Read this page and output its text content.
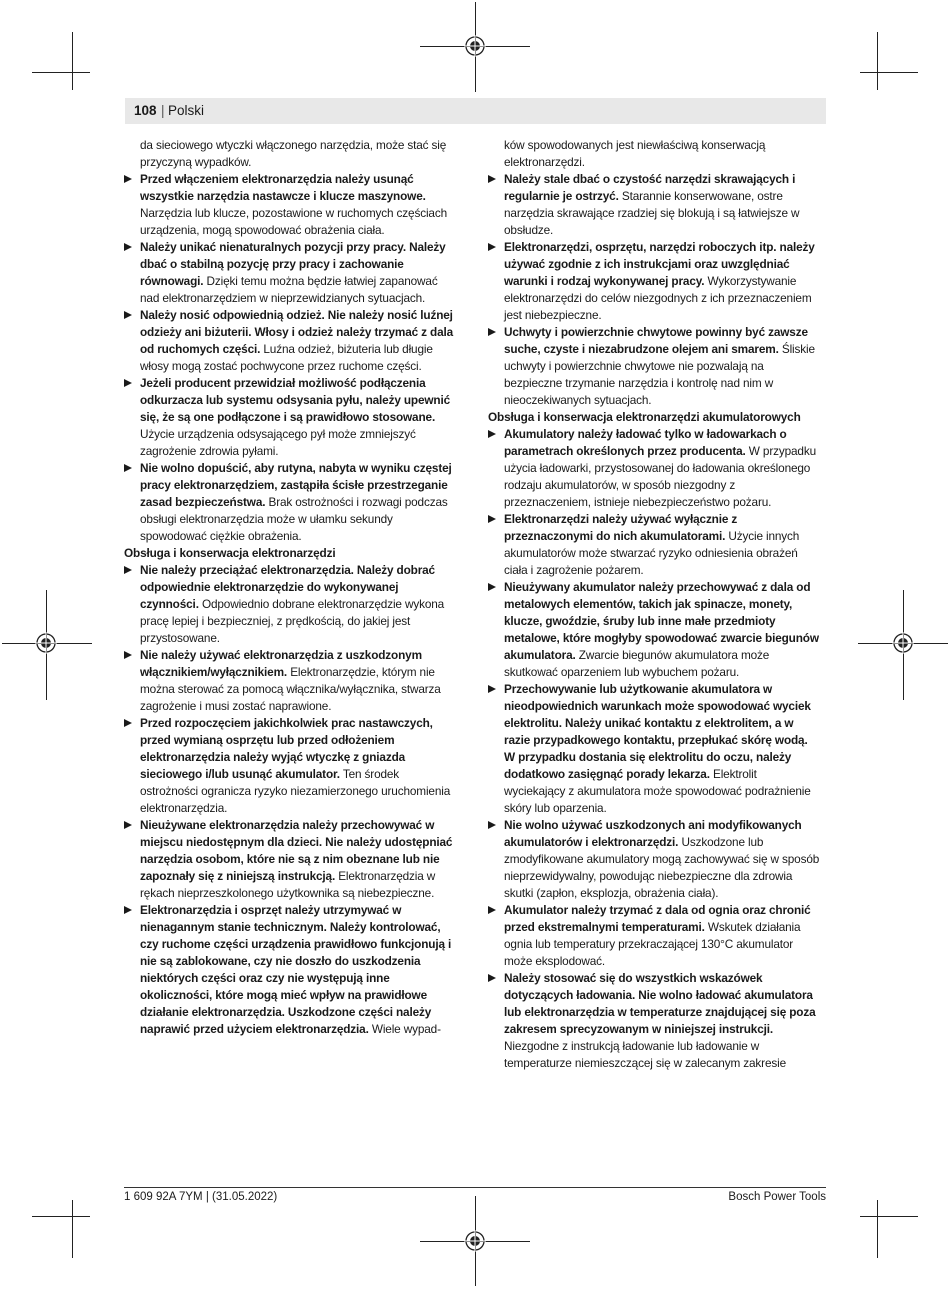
108 | Polski

da sieciowego wtyczki włączonego narzędzia, może stać się przyczyną wypadków.

Przed włączeniem elektronarzędzia należy usunąć wszystkie narzędzia nastawcze i klucze maszynowe. Narzędzia lub klucze, pozostawione w ruchomych częściach urządzenia, mogą spowodować obrażenia ciała.

Należy unikać nienaturalnych pozycji przy pracy. Należy dbać o stabilną pozycję przy pracy i zachowanie równowagi. Dzięki temu można będzie łatwiej zapanować nad elektronarzędziem w nieprzewidzianych sytuacjach.

Należy nosić odpowiednią odzież. Nie należy nosić luźnej odzieży ani biżuterii. Włosy i odzież należy trzymać z dala od ruchomych części. Luźna odzież, biżuteria lub długie włosy mogą zostać pochwycone przez ruchome części.

Jeżeli producent przewidział możliwość podłączenia odkurzacza lub systemu odsysania pyłu, należy upewnić się, że są one podłączone i są prawidłowo stosowane. Użycie urządzenia odsysającego pył może zmniejszyć zagrożenie zdrowia pyłami.

Nie wolno dopuścić, aby rutyna, nabyta w wyniku częstej pracy elektronarzędziem, zastąpiła ścisłe przestrzeganie zasad bezpieczeństwa. Brak ostrożności i rozwagi podczas obsługi elektronarzędzia może w ułamku sekundy spowodować ciężkie obrażenia.

Obsługa i konserwacja elektronarzędzi

Nie należy przeciążać elektronarzędzia. Należy dobrać odpowiednie elektronarzędzie do wykonywanej czynności. Odpowiednio dobrane elektronarzędzie wykona pracę lepiej i bezpieczniej, z prędkością, do jakiej jest przystosowane.

Nie należy używać elektronarzędzia z uszkodzonym włącznikiem/wyłącznikiem. Elektronarzędzie, którym nie można sterować za pomocą włącznika/wyłącznika, stwarza zagrożenie i musi zostać naprawione.

Przed rozpoczęciem jakichkolwiek prac nastawczych, przed wymianą osprzętu lub przed odłożeniem elektronarzędzia należy wyjąć wtyczkę z gniazda sieciowego i/lub usunąć akumulator. Ten środek ostrożności ogranicza ryzyko niezamierzonego uruchomienia elektronarzędzia.

Nieużywane elektronarzędzia należy przechowywać w miejscu niedostępnym dla dzieci. Nie należy udostępniać narzędzia osobom, które nie są z nim obeznane lub nie zapoznały się z niniejszą instrukcją. Elektronarzędzia w rękach nieprzeszkolonego użytkownika są niebezpieczne.

Elektronarzędzia i osprzęt należy utrzymywać w nienagannym stanie technicznym. Należy kontrolować, czy ruchome części urządzenia prawidłowo funkcjonują i nie są zablokowane, czy nie doszło do uszkodzenia niektórych części oraz czy nie występują inne okoliczności, które mogą mieć wpływ na prawidłowe działanie elektronarzędzia. Uszkodzone części należy naprawić przed użyciem elektronarzędzia. Wiele wypad-

ków spowodowanych jest niewłaściwą konserwacją elektronarzędzi.

Należy stale dbać o czystość narzędzi skrawających i regularnie je ostrzyć. Starannie konserwowane, ostre narzędzia skrawające rzadziej się blokują i są łatwiejsze w obsłudze.

Elektronarzędzi, osprzętu, narzędzi roboczych itp. należy używać zgodnie z ich instrukcjami oraz uwzględniać warunki i rodzaj wykonywanej pracy. Wykorzystywanie elektronarzędzi do celów niezgodnych z ich przeznaczeniem jest niebezpieczne.

Uchwyty i powierzchnie chwytowe powinny być zawsze suche, czyste i niezabrudzone olejem ani smarem. Śliskie uchwyty i powierzchnie chwytowe nie pozwalają na bezpieczne trzymanie narzędzia i kontrolę nad nim w nieoczekiwanych sytuacjach.

Obsługa i konserwacja elektronarzędzi akumulatorowych

Akumulatory należy ładować tylko w ładowarkach o parametrach określonych przez producenta. W przypadku użycia ładowarki, przystosowanej do ładowania określonego rodzaju akumulatorów, w sposób niezgodny z przeznaczeniem, istnieje niebezpieczeństwo pożaru.

Elektronarzędzi należy używać wyłącznie z przeznaczonymi do nich akumulatorami. Użycie innych akumulatorów może stwarzać ryzyko odniesienia obrażeń ciała i zagrożenie pożarem.

Nieużywany akumulator należy przechowywać z dala od metalowych elementów, takich jak spinacze, monety, klucze, gwoździe, śruby lub inne małe przedmioty metalowe, które mogłyby spowodować zwarcie biegunów akumulatora. Zwarcie biegunów akumulatora może skutkować oparzeniem lub wybuchem pożaru.

Przechowywanie lub użytkowanie akumulatora w nieodpowiednich warunkach może spowodować wyciek elektrolitu. Należy unikać kontaktu z elektrolitem, a w razie przypadkowego kontaktu, przepłukać skórę wodą. W przypadku dostania się elektrolitu do oczu, należy dodatkowo zasięgnąć porady lekarza. Elektrolit wyciekający z akumulatora może spowodować podrażnienie skóry lub oparzenia.

Nie wolno używać uszkodzonych ani modyfikowanych akumulatorów i elektronarzędzi. Uszkodzone lub zmodyfikowane akumulatory mogą zachowywać się w sposób nieprzewidywalny, powodując niebezpieczne dla zdrowia skutki (zapłon, eksplozja, obrażenia ciała).

Akumulator należy trzymać z dala od ognia oraz chronić przed ekstremalnymi temperaturami. Wskutek działania ognia lub temperatury przekraczającej 130°C akumulator może eksplodować.

Należy stosować się do wszystkich wskazówek dotyczących ładowania. Nie wolno ładować akumulatora lub elektronarzędzia w temperaturze znajdującej się poza zakresem sprecyzowanym w niniejszej instrukcji. Niezgodne z instrukcją ładowanie lub ładowanie w temperaturze niemieszczącej się w zalecanym zakresie

1 609 92A 7YM | (31.05.2022)	Bosch Power Tools
